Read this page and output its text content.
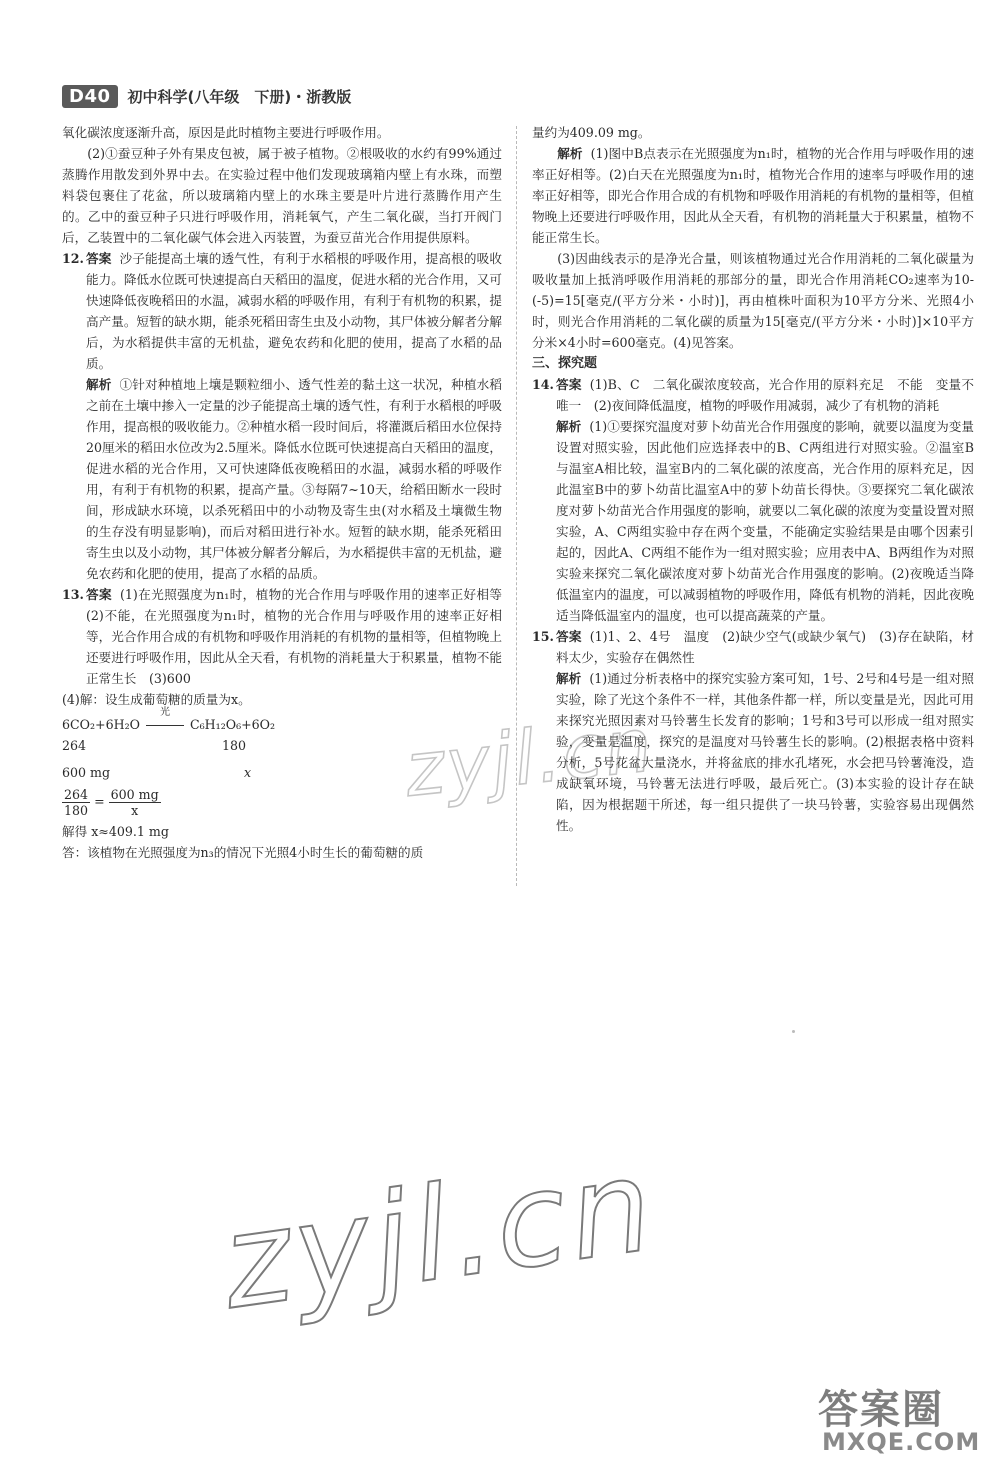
D40	初中科学(八年级　下册)・浙教版

氧化碳浓度逐渐升高，原因是此时植物主要进行呼吸作用。

(2)①蚕豆种子外有果皮包被，属于被子植物。②根吸收的水约有99%通过蒸腾作用散发到外界中去。在实验过程中他们发现玻璃箱内壁上有水珠，而塑料袋包裹住了花盆，所以玻璃箱内壁上的水珠主要是叶片进行蒸腾作用产生的。乙中的蚕豆种子只进行呼吸作用，消耗氧气，产生二氧化碳，当打开阀门后，乙装置中的二氧化碳气体会进入丙装置，为蚕豆苗光合作用提供原料。

12. 答案 沙子能提高土壤的透气性，有利于水稻根的呼吸作用，提高根的吸收能力。降低水位既可快速提高白天稻田的温度，促进水稻的光合作用，又可快速降低夜晚稻田的水温，减弱水稻的呼吸作用，有利于有机物的积累，提高产量。短暂的缺水期，能杀死稻田寄生虫及小动物，其尸体被分解者分解后，为水稻提供丰富的无机盐，避免农药和化肥的使用，提高了水稻的品质。

解析 ①针对种植地上壤是颗粒细小、透气性差的黏土这一状况，种植水稻之前在土壤中掺入一定量的沙子能提高土壤的透气性，有利于水稻根的呼吸作用，提高根的吸收能力。②种植水稻一段时间后，将灌溉后稻田水位保持20厘米的稻田水位改为2.5厘米。降低水位既可快速提高白天稻田的温度，促进水稻的光合作用，又可快速降低夜晚稻田的水温，减弱水稻的呼吸作用，有利于有机物的积累，提高产量。③每隔7~10天，给稻田断水一段时间，形成缺水环境，以杀死稻田中的小动物及寄生虫(对水稻及土壤微生物的生存没有明显影响)，而后对稻田进行补水。短暂的缺水期，能杀死稻田寄生虫以及小动物，其尸体被分解者分解后，为水稻提供丰富的无机盐，避免农药和化肥的使用，提高了水稻的品质。

13. 答案 (1)在光照强度为n₁时，植物的光合作用与呼吸作用的速率正好相等　(2)不能，在光照强度为n₁时，植物的光合作用与呼吸作用的速率正好相等，光合作用合成的有机物和呼吸作用消耗的有机物的量相等，但植物晚上还要进行呼吸作用，因此从全天看，有机物的消耗量大于积累量，植物不能正常生长　(3)600

(4)解：设生成葡萄糖的质量为x。

6CO₂+6H₂O
光
C₆H₁₂O₆+6O₂
264	180
600 mg	x
$\frac{264}{180} = \frac{600 mg}{x}$

解得 x≈409.1 mg

答：该植物在光照强度为n₃的情况下光照4小时生长的葡萄糖的质

量约为409.09 mg。

解析 (1)图中B点表示在光照强度为n₁时，植物的光合作用与呼吸作用的速率正好相等。(2)白天在光照强度为n₁时，植物光合作用的速率与呼吸作用的速率正好相等，即光合作用合成的有机物和呼吸作用消耗的有机物的量相等，但植物晚上还要进行呼吸作用，因此从全天看，有机物的消耗量大于积累量，植物不能正常生长。

(3)因曲线表示的是净光合量，则该植物通过光合作用消耗的二氧化碳量为吸收量加上抵消呼吸作用消耗的那部分的量，即光合作用消耗CO₂速率为10-(-5)=15[毫克/(平方分米・小时)]，再由植株叶面积为10平方分米、光照4小时，则光合作用消耗的二氧化碳的质量为15[毫克/(平方分米・小时)]×10平方分米×4小时=600毫克。(4)见答案。

三、探究题

14. 答案 (1)B、C　二氧化碳浓度较高，光合作用的原料充足　不能　变量不唯一　(2)夜间降低温度，植物的呼吸作用减弱，减少了有机物的消耗

解析 (1)①要探究温度对萝卜幼苗光合作用强度的影响，就要以温度为变量设置对照实验，因此他们应选择表中的B、C两组进行对照实验。②温室B与温室A相比较，温室B内的二氧化碳的浓度高，光合作用的原料充足，因此温室B中的萝卜幼苗比温室A中的萝卜幼苗长得快。③要探究二氧化碳浓度对萝卜幼苗光合作用强度的影响，就要以二氧化碳的浓度为变量设置对照实验，A、C两组实验中存在两个变量，不能确定实验结果是由哪个因素引起的，因此A、C两组不能作为一组对照实验；应用表中A、B两组作为对照实验来探究二氧化碳浓度对萝卜幼苗光合作用强度的影响。(2)夜晚适当降低温室内的温度，可以减弱植物的呼吸作用，降低有机物的消耗，因此夜晚适当降低温室内的温度，也可以提高蔬菜的产量。

15. 答案 (1)1、2、4号　温度　(2)缺少空气(或缺少氧气)　(3)存在缺陷，材料太少，实验存在偶然性

解析 (1)通过分析表格中的探究实验方案可知，1号、2号和4号是一组对照实验，除了光这个条件不一样，其他条件都一样，所以变量是光，因此可用来探究光照因素对马铃薯生长发育的影响；1号和3号可以形成一组对照实验，变量是温度，探究的是温度对马铃薯生长的影响。(2)根据表格中资料分析，5号花盆大量浇水，并将盆底的排水孔堵死，水会把马铃薯淹没，造成缺氧环境，马铃薯无法进行呼吸，最后死亡。(3)本实验的设计存在缺陷，因为根据题干所述，每一组只提供了一块马铃薯，实验容易出现偶然性。

zyjl.cn
zyjl.cn
答案圈
MXQE.COM
